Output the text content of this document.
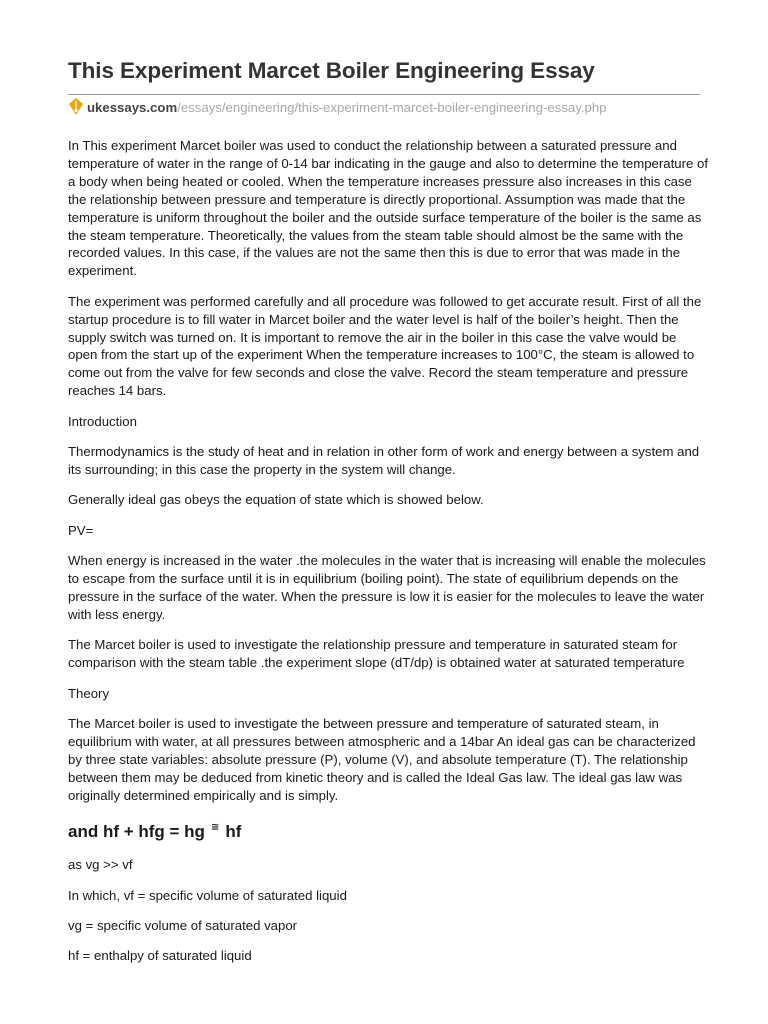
This Experiment Marcet Boiler Engineering Essay
ukessays.com /essays/engineering/this-experiment-marcet-boiler-engineering-essay.php

In This experiment Marcet boiler was used to conduct the relationship between a saturated pressure and temperature of water in the range of 0-14 bar indicating in the gauge and also to determine the temperature of a body when being heated or cooled. When the temperature increases pressure also increases in this case the relationship between pressure and temperature is directly proportional. Assumption was made that the temperature is uniform throughout the boiler and the outside surface temperature of the boiler is the same as the steam temperature. Theoretically, the values from the steam table should almost be the same with the recorded values. In this case, if the values are not the same then this is due to error that was made in the experiment.

The experiment was performed carefully and all procedure was followed to get accurate result. First of all the startup procedure is to fill water in Marcet boiler and the water level is half of the boiler’s height. Then the supply switch was turned on. It is important to remove the air in the boiler in this case the valve would be open from the start up of the experiment When the temperature increases to 100°C, the steam is allowed to come out from the valve for few seconds and close the valve. Record the steam temperature and pressure reaches 14 bars.

Introduction

Thermodynamics is the study of heat and in relation in other form of work and energy between a system and its surrounding; in this case the property in the system will change.

Generally ideal gas obeys the equation of state which is showed below.

PV=

When energy is increased in the water .the molecules in the water that is increasing will enable the molecules to escape from the surface until it is in equilibrium (boiling point). The state of equilibrium depends on the pressure in the surface of the water. When the pressure is low it is easier for the molecules to leave the water with less energy.

The Marcet boiler is used to investigate the relationship pressure and temperature in saturated steam for comparison with the steam table .the experiment slope (dT/dp) is obtained water at saturated temperature

Theory

The Marcet boiler is used to investigate the between pressure and temperature of saturated steam, in equilibrium with water, at all pressures between atmospheric and a 14bar An ideal gas can be characterized by three state variables: absolute pressure (P), volume (V), and absolute temperature (T). The relationship between them may be deduced from kinetic theory and is called the Ideal Gas law. The ideal gas law was originally determined empirically and is simply.

and hf + hfg = hg ≅ hf

as vg >> vf

In which, vf = specific volume of saturated liquid

vg = specific volume of saturated vapor

hf = enthalpy of saturated liquid
